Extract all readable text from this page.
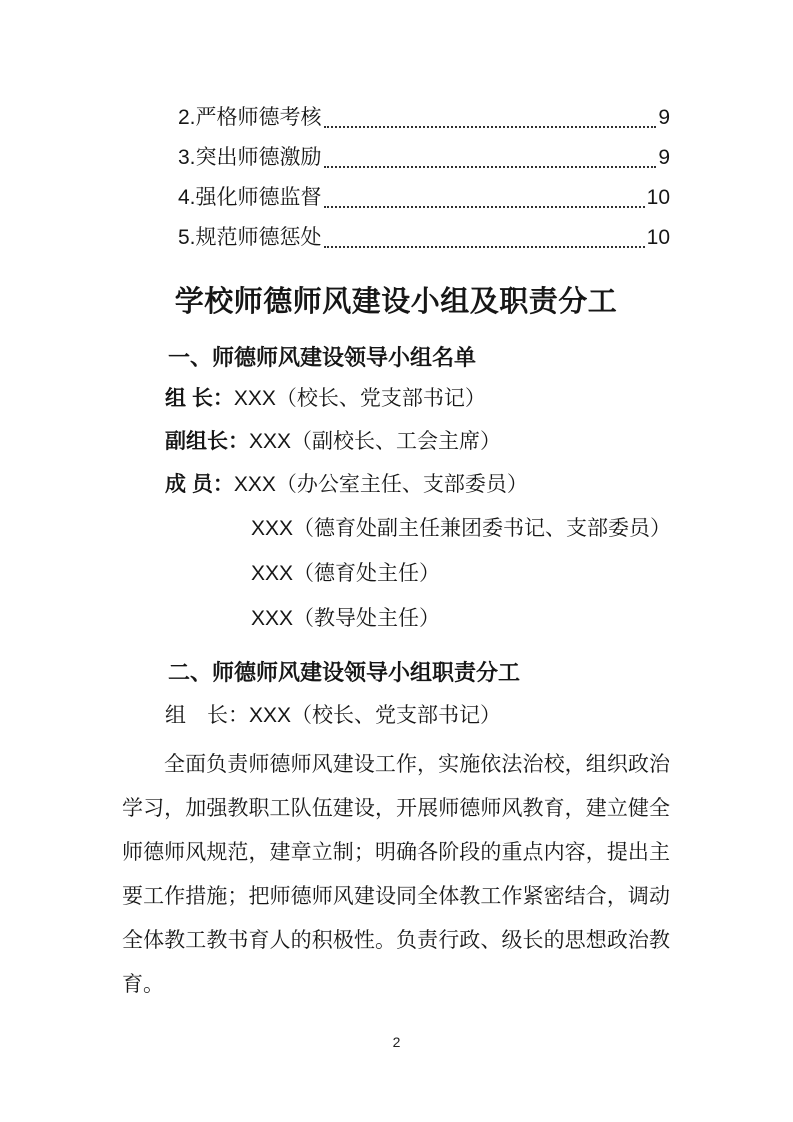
2.严格师德考核	9
3.突出师德激励	9
4.强化师德监督	10
5.规范师德惩处	10
学校师德师风建设小组及职责分工
一、师德师风建设领导小组名单
组 长：XXX（校长、党支部书记）
副组长：XXX（副校长、工会主席）
成 员：XXX（办公室主任、支部委员）
XXX（德育处副主任兼团委书记、支部委员）
XXX（德育处主任）
XXX（教导处主任）
二、师德师风建设领导小组职责分工
组　长：XXX（校长、党支部书记）

全面负责师德师风建设工作，实施依法治校，组织政治学习，加强教职工队伍建设，开展师德师风教育，建立健全师德师风规范，建章立制；明确各阶段的重点内容，提出主要工作措施；把师德师风建设同全体教工作紧密结合，调动全体教工教书育人的积极性。负责行政、级长的思想政治教育。

2
